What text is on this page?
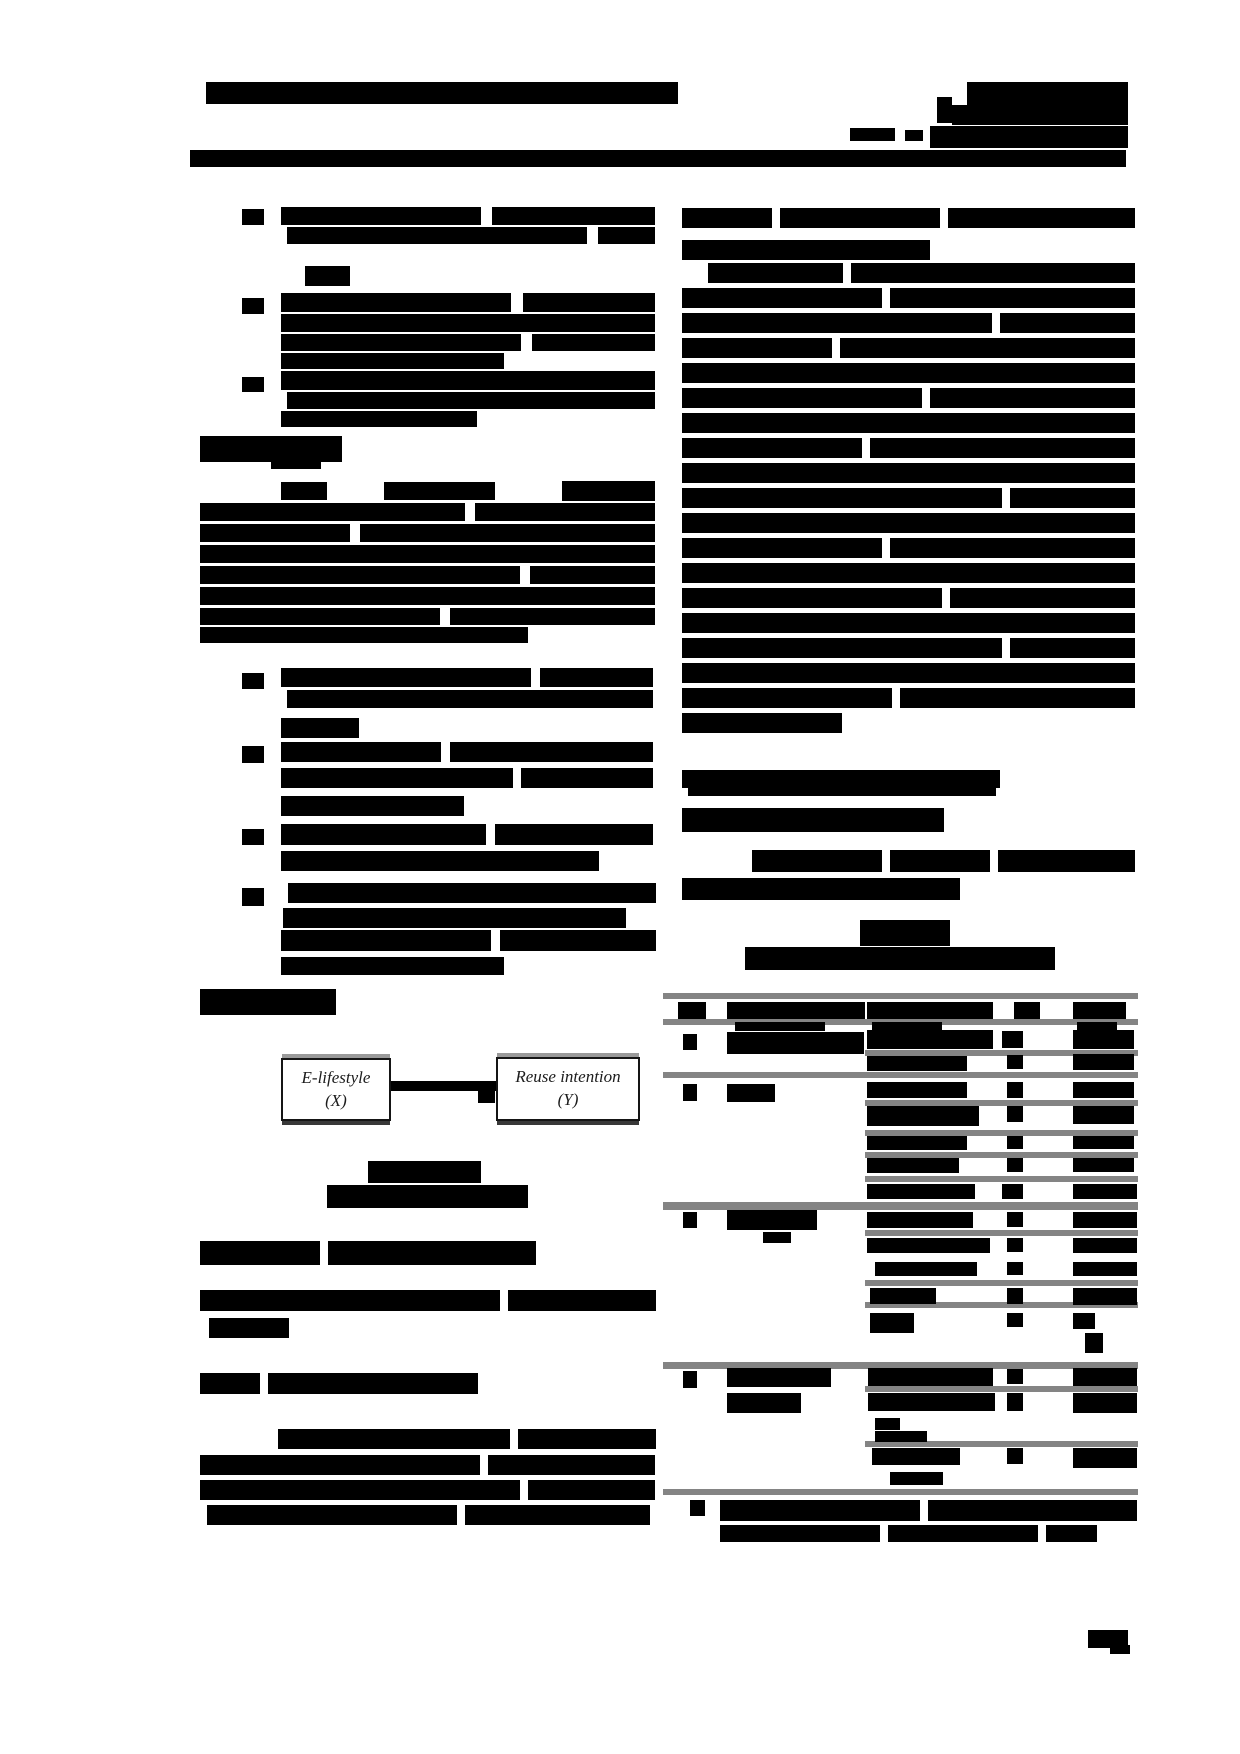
E-lifestyle
(X)
Reuse intention
(Y)
